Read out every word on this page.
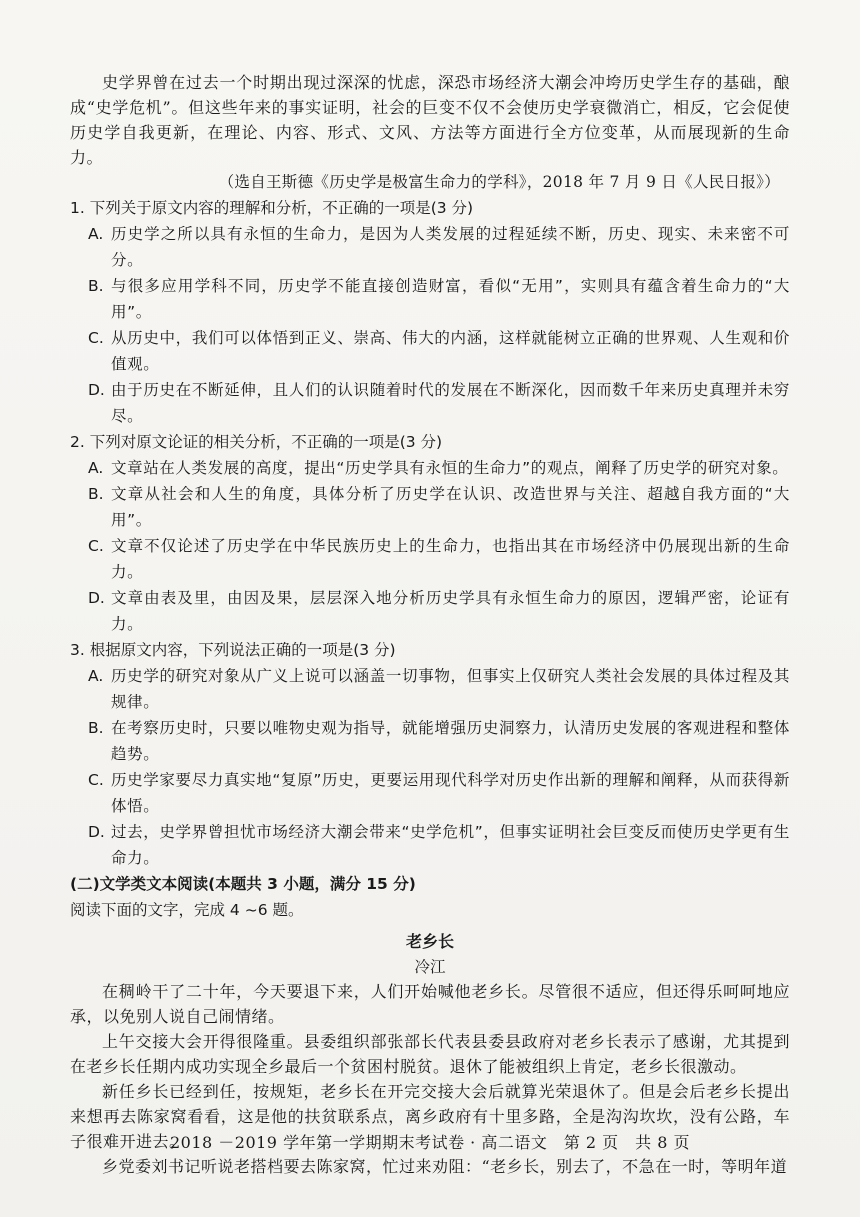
史学界曾在过去一个时期出现过深深的忧虑，深恐市场经济大潮会冲垮历史学生存的基础，酿成“史学危机”。但这些年来的事实证明，社会的巨变不仅不会使历史学衰微消亡，相反，它会促使历史学自我更新，在理论、内容、形式、文风、方法等方面进行全方位变革，从而展现新的生命力。

（选自王斯德《历史学是极富生命力的学科》，2018 年 7 月 9 日《人民日报》）

1. 下列关于原文内容的理解和分析，不正确的一项是(3 分)

A. 历史学之所以具有永恒的生命力，是因为人类发展的过程延续不断，历史、现实、未来密不可分。
B. 与很多应用学科不同，历史学不能直接创造财富，看似“无用”，实则具有蕴含着生命力的“大用”。
C. 从历史中，我们可以体悟到正义、崇高、伟大的内涵，这样就能树立正确的世界观、人生观和价值观。
D. 由于历史在不断延伸，且人们的认识随着时代的发展在不断深化，因而数千年来历史真理并未穷尽。

2. 下列对原文论证的相关分析，不正确的一项是(3 分)

A. 文章站在人类发展的高度，提出“历史学具有永恒的生命力”的观点，阐释了历史学的研究对象。
B. 文章从社会和人生的角度，具体分析了历史学在认识、改造世界与关注、超越自我方面的“大用”。
C. 文章不仅论述了历史学在中华民族历史上的生命力，也指出其在市场经济中仍展现出新的生命力。
D. 文章由表及里，由因及果，层层深入地分析历史学具有永恒生命力的原因，逻辑严密，论证有力。

3. 根据原文内容，下列说法正确的一项是(3 分)

A. 历史学的研究对象从广义上说可以涵盖一切事物，但事实上仅研究人类社会发展的具体过程及其规律。
B. 在考察历史时，只要以唯物史观为指导，就能增强历史洞察力，认清历史发展的客观进程和整体趋势。
C. 历史学家要尽力真实地“复原”历史，更要运用现代科学对历史作出新的理解和阐释，从而获得新体悟。
D. 过去，史学界曾担忧市场经济大潮会带来“史学危机”，但事实证明社会巨变反而使历史学更有生命力。

(二)文学类文本阅读(本题共 3 小题，满分 15 分)

阅读下面的文字，完成 4 ~6 题。

老乡长

冷江

在稠岭干了二十年，今天要退下来，人们开始喊他老乡长。尽管很不适应，但还得乐呵呵地应承，以免别人说自己闹情绪。

上午交接大会开得很隆重。县委组织部张部长代表县委县政府对老乡长表示了感谢，尤其提到在老乡长任期内成功实现全乡最后一个贫困村脱贫。退休了能被组织上肯定，老乡长很激动。

新任乡长已经到任，按规矩，老乡长在开完交接大会后就算光荣退休了。但是会后老乡长提出来想再去陈家窝看看，这是他的扶贫联系点，离乡政府有十里多路，全是沟沟坎坎，没有公路，车子很难开进去。

乡党委刘书记听说老搭档要去陈家窝，忙过来劝阻：“老乡长，别去了，不急在一时，等明年道

2018 －2019 学年第一学期期末考试卷 · 高二语文　第 2 页　共 8 页
